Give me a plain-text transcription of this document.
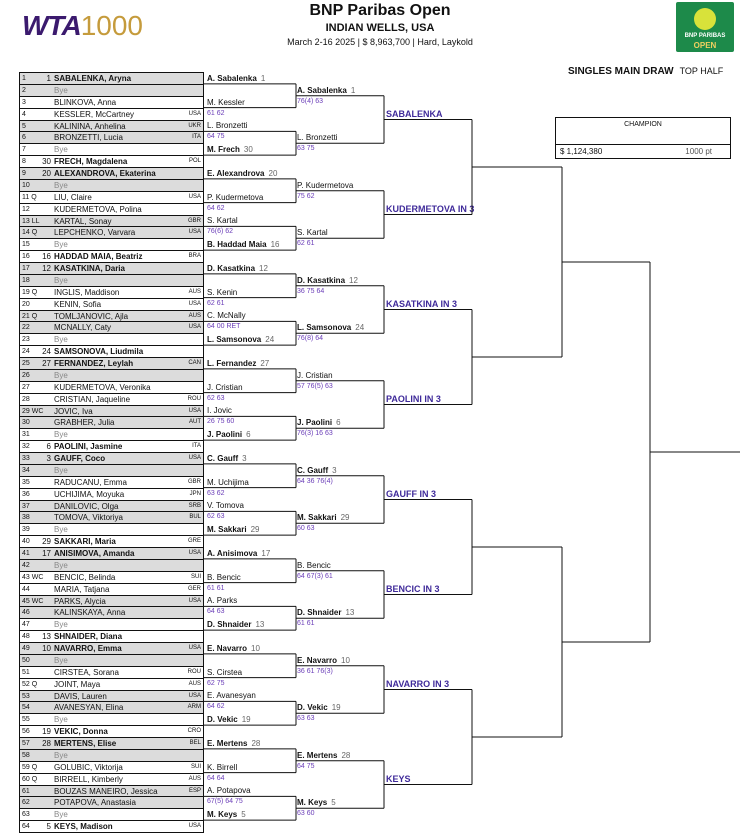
WTA1000	BNP Paribas Open
INDIAN WELLS, USA
March 2-16 2025 | $ 8,963,700 | Hard, Laykold
BNP PARIBAS
OPEN
SINGLES MAIN DRAW TOP HALF
CHAMPION
$ 1,124,380	1000 pt
1	1 SABALENKA, Aryna
2	Bye
3	BLINKOVA, Anna
4	KESSLER, McCartney	USA
5	KALININA, Anhelina	UKR
6	BRONZETTI, Lucia	ITA
7	Bye
8	30 FRECH, Magdalena	POL
9	20 ALEXANDROVA, Ekaterina
10	Bye
11 Q LIU, Claire	USA
12	KUDERMETOVA, Polina
13 LL KARTAL, Sonay	GBR
14 Q LEPCHENKO, Varvara	USA
15	Bye
16	16 HADDAD MAIA, Beatriz	BRA
17	12 KASATKINA, Daria
18	Bye
19 Q INGLIS, Maddison	AUS
20	KENIN, Sofia	USA
21 Q TOMLJANOVIC, Ajla	AUS
22	MCNALLY, Caty	USA
23	Bye
24	24 SAMSONOVA, Liudmila
25	27 FERNANDEZ, Leylah	CAN
26	Bye
27	KUDERMETOVA, Veronika
28	CRISTIAN, Jaqueline	ROU
29 WC JOVIC, Iva	USA
30	GRABHER, Julia	AUT
31	Bye
32	6 PAOLINI, Jasmine	ITA
33	3 GAUFF, Coco	USA
34	Bye
35	RADUCANU, Emma	GBR
36	UCHIJIMA, Moyuka	JPN
37	DANILOVIC, Olga	SRB
38	TOMOVA, Viktoriya	BUL
39	Bye
40	29 SAKKARI, Maria	GRE
41	17 ANISIMOVA, Amanda	USA
42	Bye
43 WC BENCIC, Belinda	SUI
44	MARIA, Tatjana	GER
45 WC PARKS, Alycia	USA
46	KALINSKAYA, Anna
47	Bye
48	13 SHNAIDER, Diana
49	10 NAVARRO, Emma	USA
50	Bye
51	CIRSTEA, Sorana	ROU
52 Q JOINT, Maya	AUS
53	DAVIS, Lauren	USA
54	AVANESYAN, Elina	ARM
55	Bye
56	19 VEKIC, Donna	CRO
57	28 MERTENS, Elise	BEL
58	Bye
59 Q GOLUBIC, Viktorija	SUI
60 Q BIRRELL, Kimberly	AUS
61	BOUZAS MANEIRO, Jessica	ESP
62	POTAPOVA, Anastasia
63	Bye
64	5 KEYS, Madison	USA
A. Sabalenka 1
M. Kessler
61 62
L. Bronzetti
64 75
M. Frech 30
E. Alexandrova 20
P. Kudermetova
64 62
S. Kartal
76(6) 62
B. Haddad Maia 16
D. Kasatkina 12
S. Kenin
62 61
C. McNally
64 00 RET
L. Samsonova 24
L. Fernandez 27
J. Cristian
62 63
I. Jovic
26 75 60
J. Paolini 6
C. Gauff 3
M. Uchijima
63 62
V. Tomova
62 63
M. Sakkari 29
A. Anisimova 17
B. Bencic
61 61
A. Parks
64 63
D. Shnaider 13
E. Navarro 10
S. Cirstea
62 75
E. Avanesyan
64 62
D. Vekic 19
E. Mertens 28
K. Birrell
64 64
A. Potapova
67(5) 64 75
M. Keys 5
A. Sabalenka 1
76(4) 63
L. Bronzetti
63 75
P. Kudermetova
75 62
S. Kartal
62 61
D. Kasatkina 12
36 75 64
L. Samsonova 24
76(8) 64
J. Cristian
57 76(5) 63
J. Paolini 6
76(3) 16 63
C. Gauff 3
64 36 76(4)
M. Sakkari 29
60 63
B. Bencic
64 67(3) 61
D. Shnaider 13
61 61
E. Navarro 10
36 61 76(3)
D. Vekic 19
63 63
E. Mertens 28
64 75
M. Keys 5
63 60
SABALENKA
KUDERMETOVA IN 3
KASATKINA IN 3
PAOLINI IN 3
GAUFF IN 3
BENCIC IN 3
NAVARRO IN 3
KEYS
